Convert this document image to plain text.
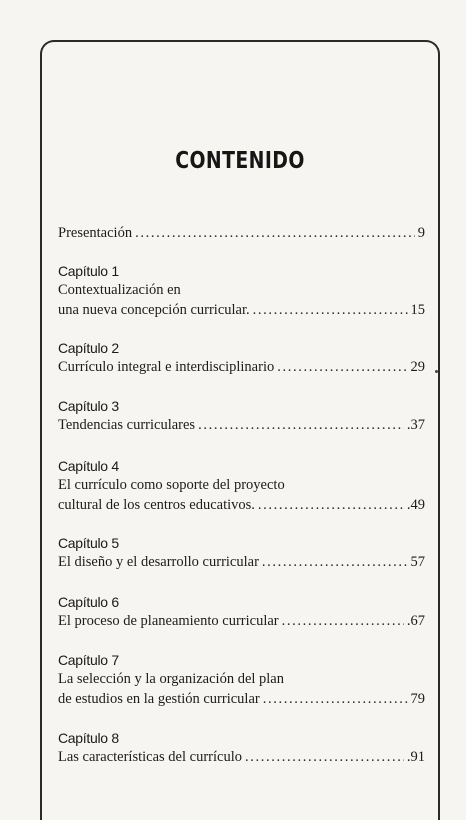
CONTENIDO
Presentación . . .	9
Capítulo 1
Contextualización en
una nueva concepción curricular. . . .	15
Capítulo 2
Currículo integral e interdisciplinario . . .	29
Capítulo 3
Tendencias curriculares . . .	.37
Capítulo 4
El currículo como soporte del proyecto
cultural de los centros educativos. . . .	.49
Capítulo 5
El diseño y el desarrollo curricular . . .	57
Capítulo 6
El proceso de planeamiento curricular . . .	.67
Capítulo 7
La selección y la organización del plan
de estudios en la gestión curricular . . .	79
Capítulo 8
Las características del currículo . . .	.91
